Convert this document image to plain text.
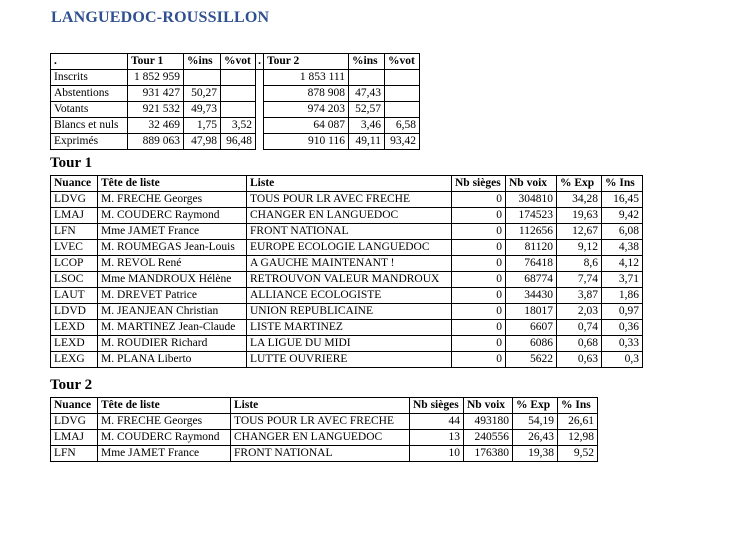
LANGUEDOC-ROUSSILLON
.	Tour 1	%ins	%vot	.	Tour 2	%ins	%vot
Inscrits	1 852 959				1 853 111		
Abstentions	931 427	50,27			878 908	47,43	
Votants	921 532	49,73			974 203	52,57	
Blancs et nuls	32 469	1,75	3,52		64 087	3,46	6,58
Exprimés	889 063	47,98	96,48		910 116	49,11	93,42
Tour 1
Nuance	Tête de liste	Liste	Nb sièges	Nb voix	% Exp	% Ins
LDVG	M. FRECHE Georges	TOUS POUR LR AVEC FRECHE	0	304810	34,28	16,45
LMAJ	M. COUDERC Raymond	CHANGER EN LANGUEDOC	0	174523	19,63	9,42
LFN	Mme JAMET France	FRONT NATIONAL	0	112656	12,67	6,08
LVEC	M. ROUMEGAS Jean-Louis	EUROPE ECOLOGIE LANGUEDOC	0	81120	9,12	4,38
LCOP	M. REVOL René	A GAUCHE MAINTENANT !	0	76418	8,6	4,12
LSOC	Mme MANDROUX Hélène	RETROUVON VALEUR MANDROUX	0	68774	7,74	3,71
LAUT	M. DREVET Patrice	ALLIANCE ECOLOGISTE	0	34430	3,87	1,86
LDVD	M. JEANJEAN Christian	UNION REPUBLICAINE	0	18017	2,03	0,97
LEXD	M. MARTINEZ Jean-Claude	LISTE MARTINEZ	0	6607	0,74	0,36
LEXD	M. ROUDIER Richard	LA LIGUE DU MIDI	0	6086	0,68	0,33
LEXG	M. PLANA Liberto	LUTTE OUVRIERE	0	5622	0,63	0,3
Tour 2
Nuance	Tête de liste	Liste	Nb sièges	Nb voix	% Exp	% Ins
LDVG	M. FRECHE Georges	TOUS POUR LR AVEC FRECHE	44	493180	54,19	26,61
LMAJ	M. COUDERC Raymond	CHANGER EN LANGUEDOC	13	240556	26,43	12,98
LFN	Mme JAMET France	FRONT NATIONAL	10	176380	19,38	9,52
